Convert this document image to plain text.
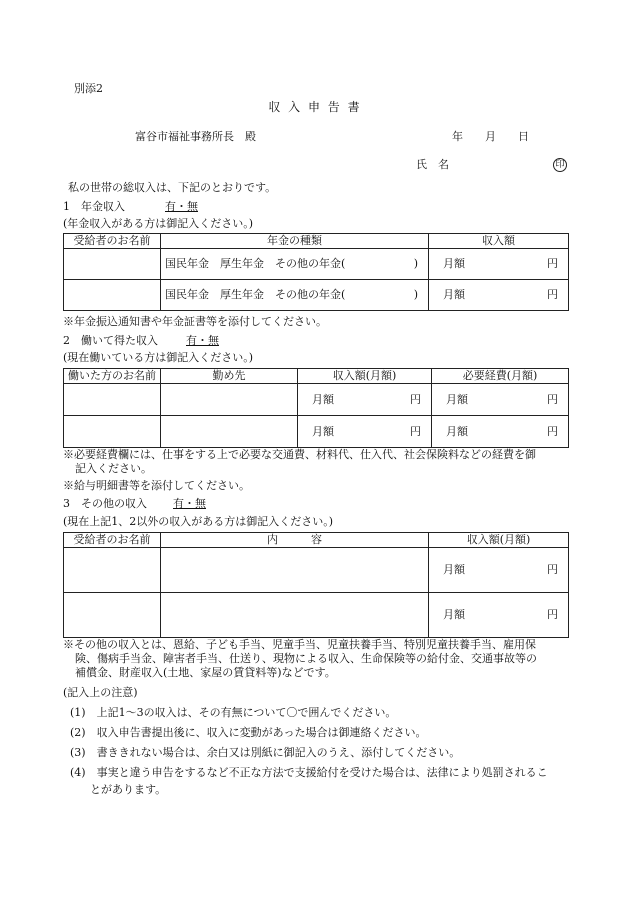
別添2
収 入 申 告 書
富谷市福祉事務所長　殿	年 月 日
氏　名	印
私の世帯の総収入は、下記のとおりです。
1　年金収入	有・無
(年金収入がある方は御記入ください。)
受給者のお名前	年金の種類	収入額

	国民年金　厚生年金　その他の年金( )	月額 円

	国民年金　厚生年金　その他の年金( )	月額 円
※年金振込通知書や年金証書等を添付してください。
2　働いて得た収入	有・無
(現在働いている方は御記入ください。)
働いた方のお名前	勤め先	収入額(月額)	必要経費(月額)

		月額 円	月額 円

		月額 円	月額 円
※必要経費欄には、仕事をする上で必要な交通費、材料代、仕入代、社会保険料などの経費を御
記入ください。
※給与明細書等を添付してください。
3　その他の収入 有・無
(現在上記1、2以外の収入がある方は御記入ください。)
受給者のお名前	内　　　容	収入額(月額)

		月額 円

		月額 円
※その他の収入とは、恩給、子ども手当、児童手当、児童扶養手当、特別児童扶養手当、雇用保
険、傷病手当金、障害者手当、仕送り、現物による収入、生命保険等の給付金、交通事故等の
補償金、財産収入(土地、家屋の賃貸料等)などです。
(記入上の注意)
(1)　上記1～3の収入は、その有無について〇で囲んでください。
(2)　収入申告書提出後に、収入に変動があった場合は御連絡ください。
(3)　書ききれない場合は、余白又は別紙に御記入のうえ、添付してください。
(4)　事実と違う申告をするなど不正な方法で支援給付を受けた場合は、法律により処罰されるこ
とがあります。
